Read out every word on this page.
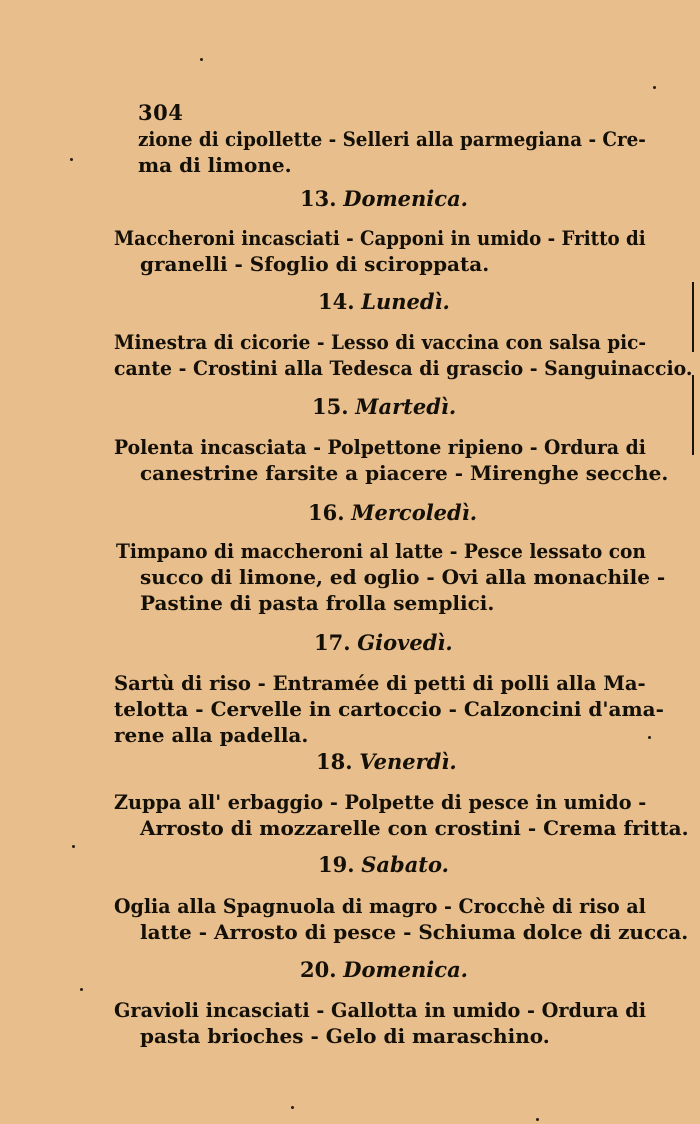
304
zione di cipollette - Selleri alla parmegiana - Cre-
ma di limone.
13. Domenica.
Maccheroni incasciati - Capponi in umido - Fritto di
granelli - Sfoglio di sciroppata.
14. Lunedì.
Minestra di cicorie - Lesso di vaccina con salsa pic-
cante - Crostini alla Tedesca di grascio - Sanguinaccio.
15. Martedì.
Polenta incasciata - Polpettone ripieno - Ordura di
canestrine farsite a piacere - Mirenghe secche.
16. Mercoledì.
Timpano di maccheroni al latte - Pesce lessato con
succo di limone, ed oglio - Ovi alla monachile -
Pastine di pasta frolla semplici.
17. Giovedì.
Sartù di riso - Entramée di petti di polli alla Ma-
telotta - Cervelle in cartoccio - Calzoncini d'ama-
rene alla padella.
18. Venerdì.
Zuppa all' erbaggio - Polpette di pesce in umido -
Arrosto di mozzarelle con crostini - Crema fritta.
19. Sabato.
Oglia alla Spagnuola di magro - Crocchè di riso al
latte - Arrosto di pesce - Schiuma dolce di zucca.
20. Domenica.
Gravioli incasciati - Gallotta in umido - Ordura di
pasta brioches - Gelo di maraschino.
